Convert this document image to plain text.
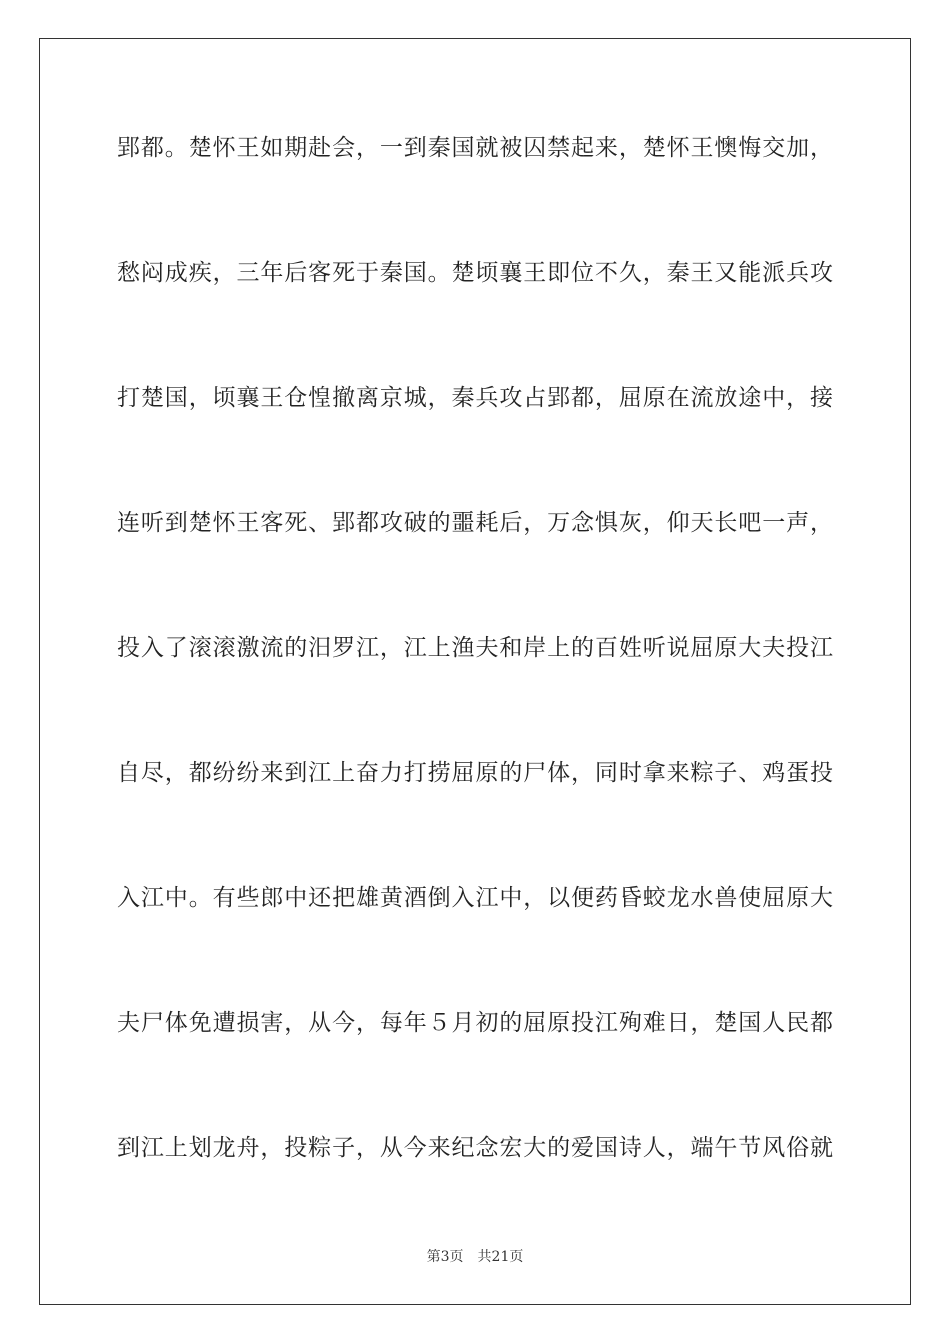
郢都。楚怀王如期赴会，一到秦国就被囚禁起来，楚怀王懊悔交加，
愁闷成疾，三年后客死于秦国。楚顷襄王即位不久，秦王又能派兵攻
打楚国，顷襄王仓惶撤离京城，秦兵攻占郢都，屈原在流放途中，接
连听到楚怀王客死、郢都攻破的噩耗后，万念惧灰，仰天长吧一声，
投入了滚滚激流的汨罗江，江上渔夫和岸上的百姓听说屈原大夫投江
自尽，都纷纷来到江上奋力打捞屈原的尸体，同时拿来粽子、鸡蛋投
入江中。有些郎中还把雄黄酒倒入江中，以便药昏蛟龙水兽使屈原大
夫尸体免遭损害，从今，每年５月初的屈原投江殉难日，楚国人民都
到江上划龙舟，投粽子，从今来纪念宏大的爱国诗人，端午节风俗就
第3页 共21页
